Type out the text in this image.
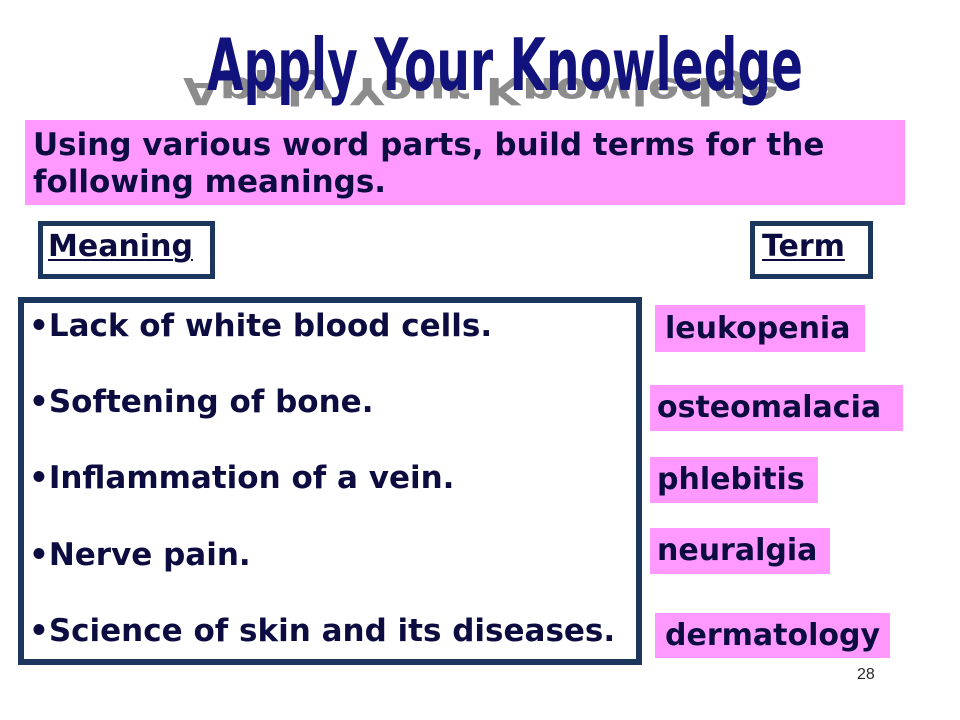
Apply Your Knowledge
Apply Your Knowledge

Using various word parts, build terms for the following meanings.

Meaning	Term
• Lack of white blood cells.
• Softening of bone.
• Inflammation of a vein.
• Nerve pain.
• Science of skin and its diseases.
leukopenia
osteomalacia
phlebitis
neuralgia
dermatology
28
